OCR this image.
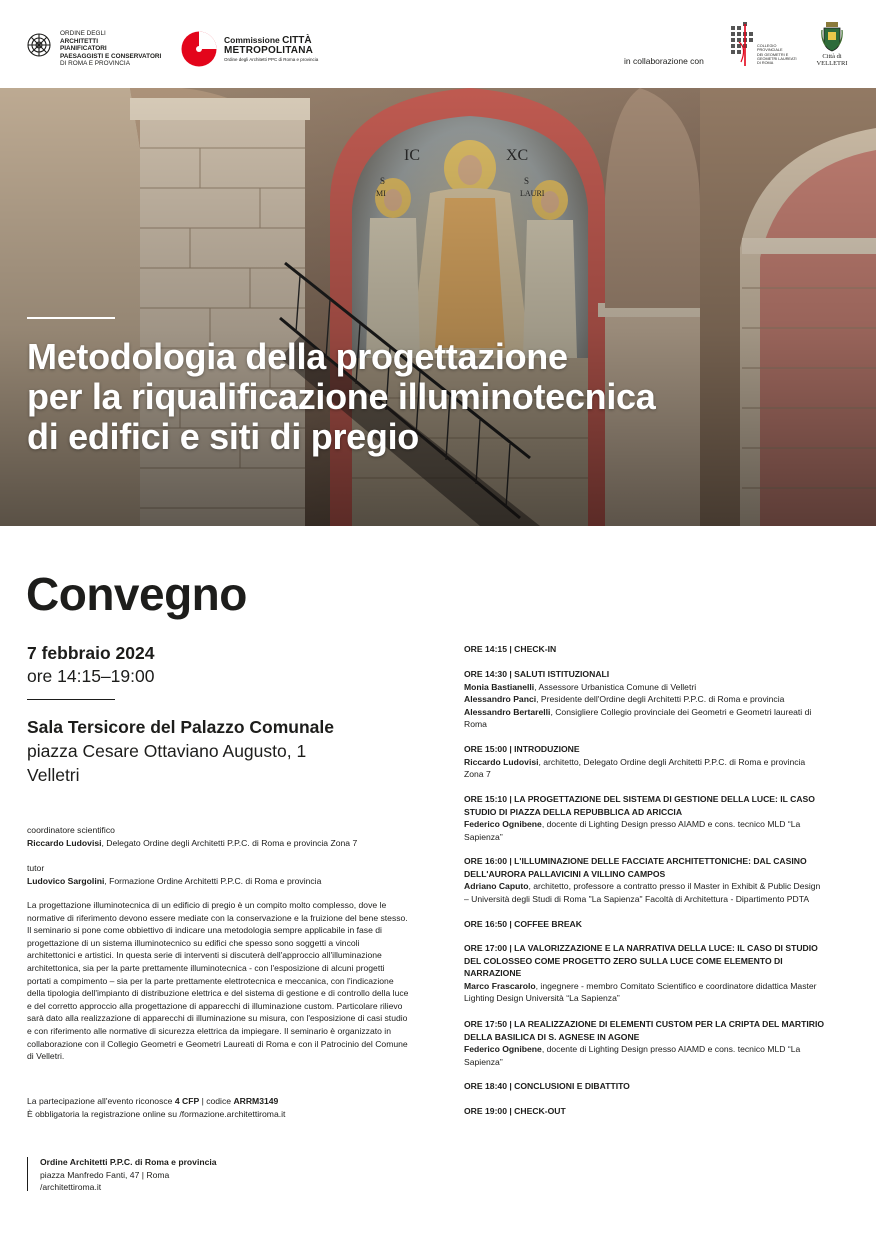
ORDINE DEGLI
ARCHITETTI
PIANIFICATORI
PAESAGGISTI E CONSERVATORI
DI ROMA E PROVINCIA
Commissione CITTÀ
METROPOLITANA
Ordine degli Architetti PPC di Roma e provincia	in collaborazione con
COLLEGIO
PROVINCIALE
DEI GEOMETRI E
GEOMETRI LAUREATI
DI ROMA
Città di
VELLETRI
Metodologia della progettazione
per la riqualificazione illuminotecnica
di edifici e siti di pregio
Convegno
7 febbraio 2024
ore 14:15–19:00
Sala Tersicore del Palazzo Comunale
piazza Cesare Ottaviano Augusto, 1
Velletri
coordinatore scientifico
Riccardo Ludovisi, Delegato Ordine degli Architetti P.P.C. di Roma e provincia Zona 7
tutor
Ludovico Sargolini, Formazione Ordine Architetti P.P.C. di Roma e provincia

La progettazione illuminotecnica di un edificio di pregio è un compito molto complesso, dove le normative di riferimento devono essere mediate con la conservazione e la fruizione del bene stesso. Il seminario si pone come obbiettivo di indicare una metodologia sempre applicabile in fase di progettazione di un sistema illuminotecnico su edifici che spesso sono soggetti a vincoli architettonici e artistici. In questa serie di interventi si discuterà dell'approccio all'illuminazione architettonica, sia per la parte prettamente illuminotecnica - con l'esposizione di alcuni progetti portati a compimento – sia per la parte prettamente elettrotecnica e meccanica, con l'indicazione della tipologia dell'impianto di distribuzione elettrica e del sistema di gestione e di controllo della luce e del corretto approccio alla progettazione di apparecchi di illuminazione custom. Particolare rilievo sarà dato alla realizzazione di apparecchi di illuminazione su misura, con l'esposizione di casi studio e con riferimento alle normative di sicurezza elettrica da impiegare. Il seminario è organizzato in collaborazione con il Collegio Geometri e Geometri Laureati di Roma e con il Patrocinio del Comune di Velletri.

La partecipazione all'evento riconosce 4 CFP | codice ARRM3149
È obbligatoria la registrazione online su /formazione.architettiroma.it
Ordine Architetti P.P.C. di Roma e provincia
piazza Manfredo Fanti, 47 | Roma
/architettiroma.it
ORE 14:15 | CHECK-IN
ORE 14:30 | SALUTI ISTITUZIONALI
Monia Bastianelli, Assessore Urbanistica Comune di Velletri
Alessandro Panci, Presidente dell'Ordine degli Architetti P.P.C. di Roma e provincia
Alessandro Bertarelli, Consigliere Collegio provinciale dei Geometri e Geometri laureati di
Roma
ORE 15:00 | INTRODUZIONE
Riccardo Ludovisi, architetto, Delegato Ordine degli Architetti P.P.C. di Roma e provincia
Zona 7
ORE 15:10 | LA PROGETTAZIONE DEL SISTEMA DI GESTIONE DELLA LUCE: IL CASO
STUDIO DI PIAZZA DELLA REPUBBLICA AD ARICCIA
Federico Ognibene, docente di Lighting Design presso AIAMD e cons. tecnico MLD “La
Sapienza”
ORE 16:00 | L'ILLUMINAZIONE DELLE FACCIATE ARCHITETTONICHE: DAL CASINO
DELL'AURORA PALLAVICINI A VILLINO CAMPOS
Adriano Caputo, architetto, professore a contratto presso il Master in Exhibit & Public Design
– Università degli Studi di Roma "La Sapienza" Facoltà di Architettura - Dipartimento PDTA
ORE 16:50 | COFFEE BREAK
ORE 17:00 | LA VALORIZZAZIONE E LA NARRATIVA DELLA LUCE: IL CASO DI STUDIO
DEL COLOSSEO COME PROGETTO ZERO SULLA LUCE COME ELEMENTO DI
NARRAZIONE
Marco Frascarolo, ingegnere - membro Comitato Scientifico e coordinatore didattica Master
Lighting Design Università “La Sapienza”
ORE 17:50 | LA REALIZZAZIONE DI ELEMENTI CUSTOM PER LA CRIPTA DEL MARTIRIO
DELLA BASILICA DI S. AGNESE IN AGONE
Federico Ognibene, docente di Lighting Design presso AIAMD e cons. tecnico MLD “La
Sapienza”
ORE 18:40 | CONCLUSIONI E DIBATTITO
ORE 19:00 | CHECK-OUT
